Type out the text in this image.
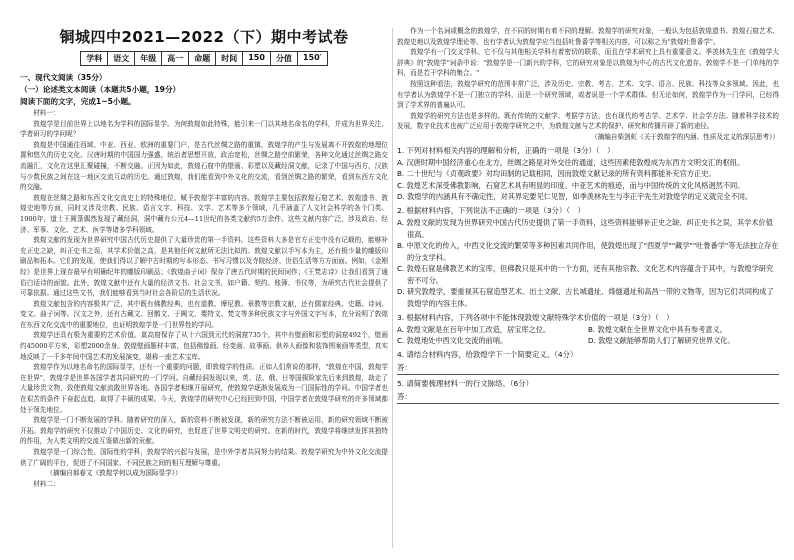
铜城四中2021—2022（下）期中考试卷
学科	语文	年级	高一	命题	时间	150	分值	150′
一、现代文阅读（35分）
（一）论述类文本阅读（本题共5小题，19分）
阅读下面的文字，完成1~5小题。

材料一：

敦煌学是目前世界上以地名为学科的国际显学。为何敦煌如此特殊，能引来一门以其地名命名的学科，并成为世界关注、学者研习的学问呢？

敦煌是中国通往西域、中亚、西亚、欧洲的重要门户，是古代丝绸之路的重镇，敦煌学的产生与发展离不开敦煌的地理位置和悠久的历史文化。汉唐时期的中国国力强盛，统治者思想开放，政治宽松，丝绸之路空前繁荣，各种文化通过丝绸之路交流融汇，文化在这里汇聚碰撞，不断交融。正因为如此，敦煌石窟中的壁画、彩塑以及藏经洞文献，记录了中国与西方，汉族与少数民族之间在这一地区交流互动的历史。通过敦煌，我们能看到中外文化的交流，看到丝绸之路的繁荣，看到东西方文化的交融。

敦煌在丝绸之路和东西文化交流史上的特殊地位，赋予敦煌学丰富的内容。敦煌学主要包括敦煌石窟艺术、敦煌遗书、敦煌史地等方面，同时又涉及宗教、民族、语言文字、科技、文学、艺术等多个领域，几乎涵盖了人文社会科学的各个门类。1900年，道士王圆箓偶然发现了藏经洞，洞中藏有公元4—11世纪的各类文献约5万余件。这些文献内容广泛，涉及政治、经济、军事、文化、艺术、医学等诸多学科领域。

敦煌文献的发现为世界研究中国古代历史提供了大量珍贵的第一手资料。这些资料大多是官方正史中没有记载的，能够补充正史之缺，纠正史书之误，其学术价值之高，是其他任何文献所无法比拟的。敦煌文献以手写本为主，还有极少量的雕版印刷品和拓本。它们的发现，使我们得以了解中古时期的写本形态、书写习惯以及寺院经济、世俗生活等方方面面。例如，《金刚经》是世界上现存最早有明确纪年的雕版印刷品；《敦煌曲子词》保存了唐五代时期的民间词作；《王梵志诗》让我们看到了通俗白话诗的面貌。此外，敦煌文献中还有大量的经济文书、社会文书，如户籍、契约、账簿、书仪等，为研究古代社会提供了可靠依据。通过这些文书，我们能够看到当时社会各阶层的生活状况。

敦煌文献包含的内容极其广泛，其中既有佛教经典，也有道教、摩尼教、景教等宗教文献，还有儒家经典、史籍、诗词、变文、曲子词等。汉文之外，还有古藏文、回鹘文、于阗文、粟特文、梵文等多种民族文字与外国文字写本，充分说明了敦煌在东西文化交流中的重要地位，也证明敦煌学是一门世界性的学问。

敦煌学还具有极为重要的艺术价值。莫高窟保存了从十六国到元代的洞窟735个，其中有壁画和彩塑的洞窟492个，壁画约45000平方米，彩塑2000余身。敦煌壁画题材丰富，包括佛像画、经变画、故事画、供养人画像和装饰图案画等类型，真实地反映了一千多年间中国艺术的发展演变，堪称一座艺术宝库。

敦煌学作为以地名命名的国际显学，还有一个重要的问题，即敦煌学的性质。正如人们常说的那样，"敦煌在中国，敦煌学在世界"，敦煌学是世界各国学者共同研究的一门学问。自藏经洞发现以来，英、法、俄、日等国探险家先后来到敦煌，劫走了大量珍贵文物，致使敦煌文献流散世界各地。各国学者相继开展研究，使敦煌学逐渐发展成为一门国际性的学问。中国学者也在艰苦的条件下奋起直追，取得了丰硕的成果。今天，敦煌学的研究中心已经回到中国，中国学者在敦煌学研究的许多领域都处于领先地位。

敦煌学是一门不断发展的学科。随着研究的深入，新的资料不断被发现，新的研究方法不断被运用，新的研究领域不断被开拓。敦煌学的研究不仅推动了中国历史、文化的研究，也促进了世界文明史的研究。在新的时代，敦煌学将继续发挥其独特的作用，为人类文明的交流互鉴做出新的贡献。

敦煌学是一门综合性、国际性的学科，敦煌学的兴起与发展，是中外学者共同努力的结果。敦煌学研究为中外文化交流提供了广阔的平台，促进了不同国家、不同民族之间的相互理解与尊重。

（摘编自郝春文《敦煌学何以成为国际显学》）

材料二：

作为一个名词或概念的敦煌学，在不同的时期有着不同的理解。敦煌学的研究对象，一般认为包括敦煌遗书、敦煌石窟艺术、敦煌史地以及敦煌学理论等。也有学者认为敦煌学应当包括吐鲁番学等相关内容，可以称之为"敦煌吐鲁番学"。

敦煌学有一门交叉学科。它不仅与其他相关学科有着密切的联系，而且在学术研究上具有重要意义。季羡林先生在《敦煌学大辞典》的"敦煌学"词条中说："敦煌学是一门新兴的学科，它的研究对象是以敦煌为中心的古代文化遗存。敦煌学不是一门单纯的学科，而是若干学科的集合。"

按照这种看法，敦煌学研究的范围非常广泛，涉及历史、宗教、考古、艺术、文学、语言、民族、科技等众多领域。因此，也有学者认为敦煌学不是一门独立的学科，而是一个研究领域，或者说是一个学术群体。但无论如何，敦煌学作为一门学问，已经得到了学术界的普遍认可。

敦煌学的研究方法也是多样的。既有传统的文献学、考据学方法，也有现代的考古学、艺术学、社会学方法。随着科学技术的发展，数字化技术也被广泛应用于敦煌学研究之中，为敦煌文献与艺术的保护、研究和传播开辟了新的途径。

（摘编自柴剑虹《关于敦煌学的内涵、性质及定义的深层思考》）

1. 下列对材料相关内容的理解和分析，正确的一项是（3分）（　）

A. 汉唐时期中国经济重心在北方，丝绸之路是对外交往的通道，这些因素使敦煌成为东西方文明交汇的枢纽。

B. 二十世纪与《贞观政要》对均田制的记载相同，因而敦煌文献记录的所有资料都能补充官方正史。

C. 敦煌艺术深受佛教影响，石窟艺术具有明显的印度、中亚艺术的痕迹，而与中国传统的文化风格迥然不同。

D. 敦煌学的内涵具有不确定性，对其界定要见仁见智，如季羡林先生与李正宇先生对敦煌学的定义就完全不同。

2. 根据材料内容，下列说法不正确的一项是（3分）（　）

A. 敦煌文献的发现为世界研究中国古代历史提供了第一手资料，这些资料能够补正史之缺、纠正史书之误，其学术价值很高。

B. 中原文化的传入，中西文化交流的繁荣等多种因素共同作用，使敦煌出现了"西夏学""藏学""吐鲁番学"等无法独立存在的分支学科。

C. 敦煌石窟是佛教艺术的宝库，但佛教只是其中的一个方面，还有其他宗教、文化艺术内容蕴含于其中，与敦煌学研究密不可分。

D. 研究敦煌学，要重视其石窟造型艺术、出土文献、古长城遗址、烽燧遗址和高昌一带的文物等，因为它们共同构成了敦煌学的内容主体。

3. 根据材料内容，下列各项中不能体现敦煌文献特殊学术价值的一项是（3分）（　）
A. 敦煌文献是在百年中加工改造，居宝库之位。	B. 敦煌文献在全世界文化中具有参考意义。
C. 敦煌地处中西文化交流的前哨。	D. 敦煌文献能够帮助人们了解研究世界文化。
4. 请结合材料内容，给敦煌学下一个简要定义。（4分）
答：
5. 请简要梳理材料一的行文脉络。（6分）
答：
